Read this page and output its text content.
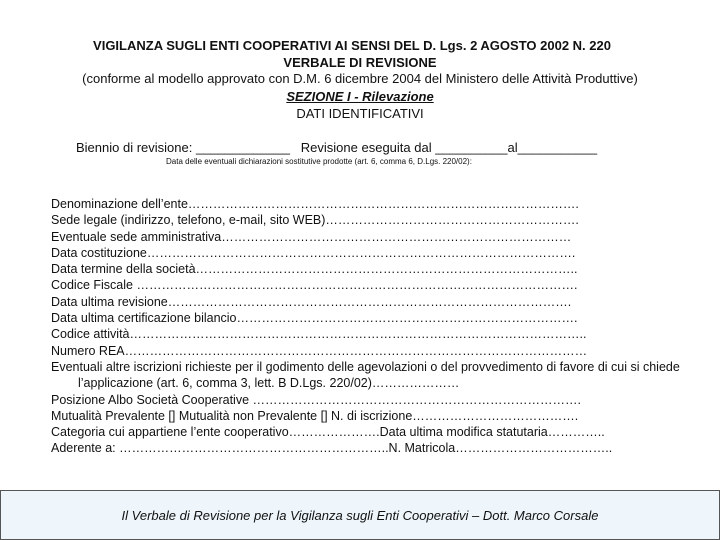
VIGILANZA SUGLI ENTI COOPERATIVI AI SENSI DEL D. Lgs. 2 AGOSTO 2002 N. 220
VERBALE DI REVISIONE
(conforme al modello approvato con D.M. 6 dicembre 2004 del Ministero delle Attività Produttive)
SEZIONE I - Rilevazione
DATI IDENTIFICATIVI
Biennio di revisione: _____________   Revisione eseguita dal __________al___________
Data delle eventuali dichiarazioni sostitutive prodotte (art. 6, comma 6, D.Lgs. 220/02):
Denominazione dell’ente………………………………………………………………………………….
Sede legale (indirizzo, telefono, e-mail, sito WEB)…………………………………………………….
Eventuale sede amministrativa…………………………………………………………………………
Data costituzione………………………………………………………………………………………….
Data termine della società………………………………………………………………………………..
Codice Fiscale …………………………………………………………………………………………….
Data ultima revisione…………………………………………………………………………………….
Data ultima certificazione bilancio……………………………………………………………………….
Codice attività………………………………………………………………………………………………..
Numero REA…………………………………………………………………………………………………
Eventuali altre iscrizioni richieste per il godimento delle agevolazioni o del provvedimento di favore di cui si chiede l’applicazione (art. 6, comma 3, lett. B D.Lgs. 220/02)…………………
Posizione Albo Società Cooperative …………………………………………………………………….
Mutualità Prevalente [] Mutualità non Prevalente [] N. di iscrizione………………………………….
Categoria cui appartiene l’ente cooperativo………………….Data ultima modifica statutaria…………..
Aderente a: ………………………………………………………..N. Matricola………………………………..
Il Verbale di Revisione per la Vigilanza sugli Enti Cooperativi – Dott. Marco Corsale
